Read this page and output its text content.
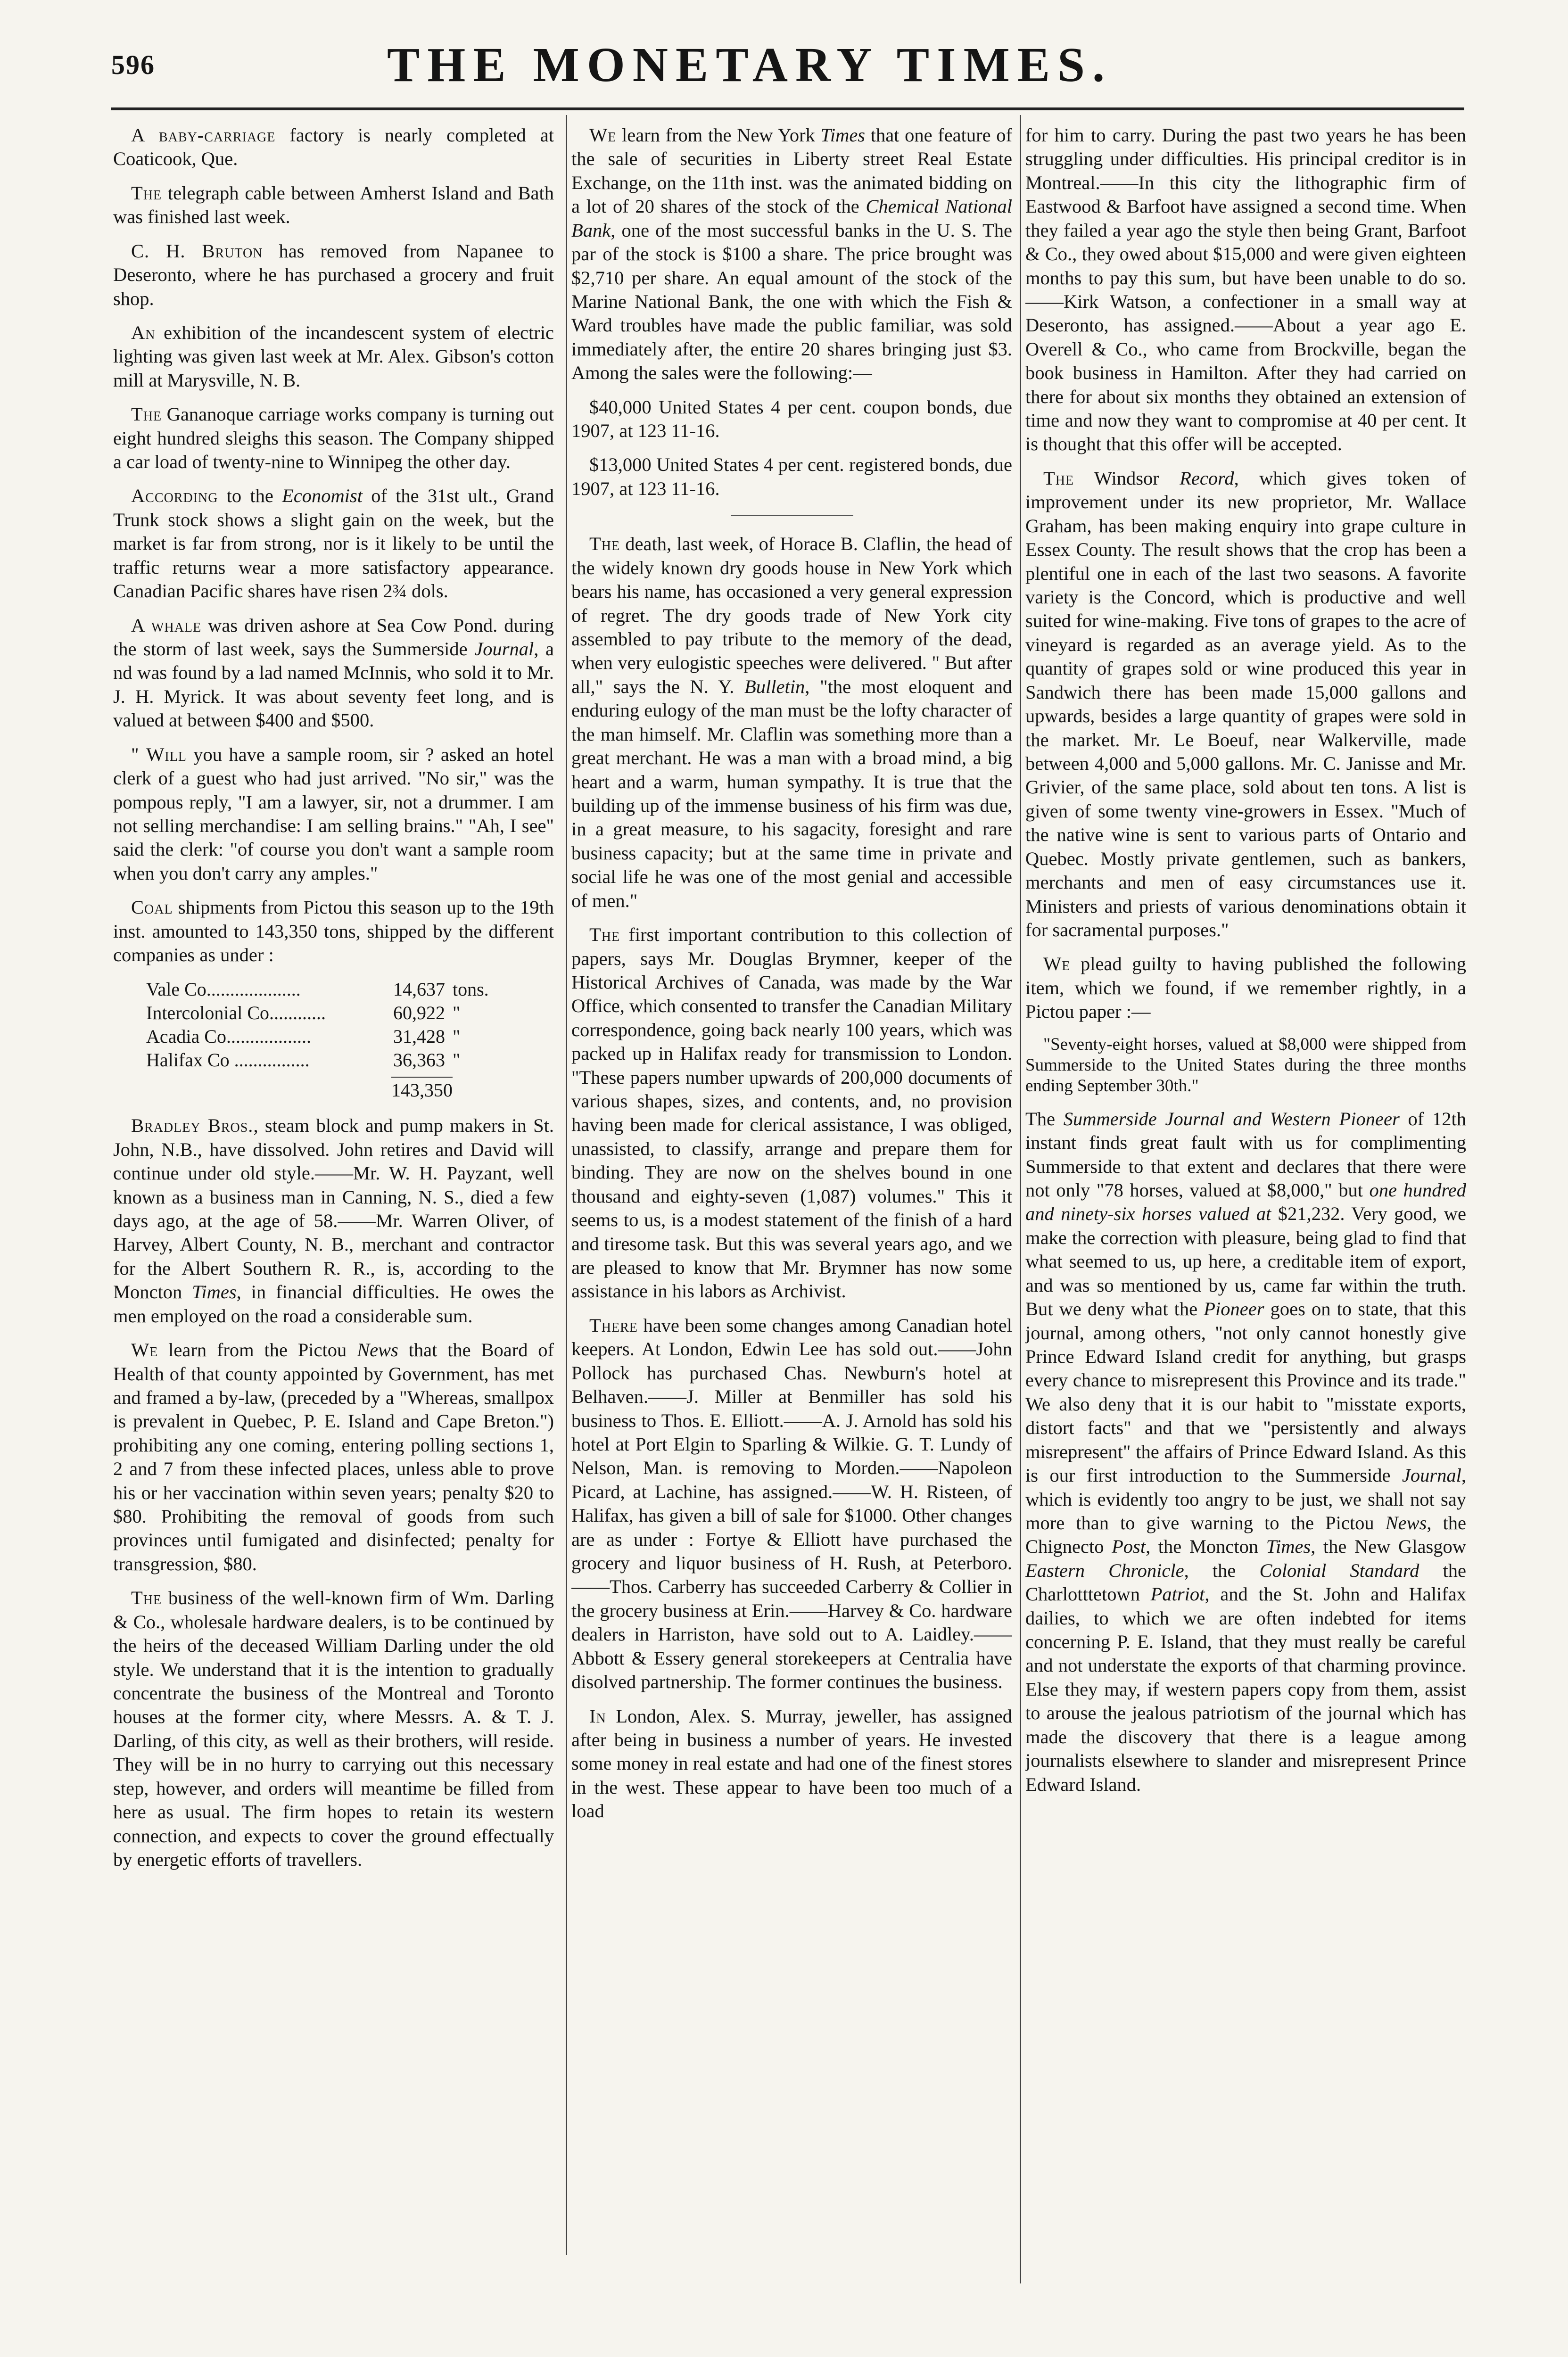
596	THE MONETARY TIMES.

A baby-carriage factory is nearly completed at Coaticook, Que.

The telegraph cable between Amherst Island and Bath was finished last week.

C. H. Bruton has removed from Napanee to Deseronto, where he has purchased a grocery and fruit shop.

An exhibition of the incandescent system of electric lighting was given last week at Mr. Alex. Gibson's cotton mill at Marysville, N. B.

The Gananoque carriage works company is turning out eight hundred sleighs this season. The Company shipped a car load of twenty-nine to Winnipeg the other day.

According to the Economist of the 31st ult., Grand Trunk stock shows a slight gain on the week, but the market is far from strong, nor is it likely to be until the traffic returns wear a more satisfactory appearance. Canadian Pacific shares have risen 2¾ dols.

A whale was driven ashore at Sea Cow Pond. during the storm of last week, says the Summerside Journal, a nd was found by a lad named McInnis, who sold it to Mr. J. H. Myrick. It was about seventy feet long, and is valued at between $400 and $500.

" Will you have a sample room, sir ? asked an hotel clerk of a guest who had just arrived. "No sir," was the pompous reply, "I am a lawyer, sir, not a drummer. I am not selling merchandise: I am selling brains." "Ah, I see" said the clerk: "of course you don't want a sample room when you don't carry any amples."

Coal shipments from Pictou this season up to the 19th inst. amounted to 143,350 tons, shipped by the different companies as under :

Vale Co....................	14,637 tons.
Intercolonial Co............	60,922 "
Acadia Co..................	31,428 "
Halifax Co ................	36,363 "
143,350

Bradley Bros., steam block and pump makers in St. John, N.B., have dissolved. John retires and David will continue under old style.——Mr. W. H. Payzant, well known as a business man in Canning, N. S., died a few days ago, at the age of 58.——Mr. Warren Oliver, of Harvey, Albert County, N. B., merchant and contractor for the Albert Southern R. R., is, according to the Moncton Times, in financial difficulties. He owes the men employed on the road a considerable sum.

We learn from the Pictou News that the Board of Health of that county appointed by Government, has met and framed a by-law, (preceded by a "Whereas, smallpox is prevalent in Quebec, P. E. Island and Cape Breton.") prohibiting any one coming, entering polling sections 1, 2 and 7 from these infected places, unless able to prove his or her vaccination within seven years; penalty $20 to $80. Prohibiting the removal of goods from such provinces until fumigated and disinfected; penalty for transgression, $80.

The business of the well-known firm of Wm. Darling & Co., wholesale hardware dealers, is to be continued by the heirs of the deceased William Darling under the old style. We understand that it is the intention to gradually concentrate the business of the Montreal and Toronto houses at the former city, where Messrs. A. & T. J. Darling, of this city, as well as their brothers, will reside. They will be in no hurry to carrying out this necessary step, however, and orders will meantime be filled from here as usual. The firm hopes to retain its western connection, and expects to cover the ground effectually by energetic efforts of travellers.

We learn from the New York Times that one feature of the sale of securities in Liberty street Real Estate Exchange, on the 11th inst. was the animated bidding on a lot of 20 shares of the stock of the Chemical National Bank, one of the most successful banks in the U. S. The par of the stock is $100 a share. The price brought was $2,710 per share. An equal amount of the stock of the Marine National Bank, the one with which the Fish & Ward troubles have made the public familiar, was sold immediately after, the entire 20 shares bringing just $3. Among the sales were the following:—

$40,000 United States 4 per cent. coupon bonds, due 1907, at 123 11-16.

$13,000 United States 4 per cent. registered bonds, due 1907, at 123 11-16.

The death, last week, of Horace B. Claflin, the head of the widely known dry goods house in New York which bears his name, has occasioned a very general expression of regret. The dry goods trade of New York city assembled to pay tribute to the memory of the dead, when very eulogistic speeches were delivered. " But after all," says the N. Y. Bulletin, "the most eloquent and enduring eulogy of the man must be the lofty character of the man himself. Mr. Claflin was something more than a great merchant. He was a man with a broad mind, a big heart and a warm, human sympathy. It is true that the building up of the immense business of his firm was due, in a great measure, to his sagacity, foresight and rare business capacity; but at the same time in private and social life he was one of the most genial and accessible of men."

The first important contribution to this collection of papers, says Mr. Douglas Brymner, keeper of the Historical Archives of Canada, was made by the War Office, which consented to transfer the Canadian Military correspondence, going back nearly 100 years, which was packed up in Halifax ready for transmission to London. "These papers number upwards of 200,000 documents of various shapes, sizes, and contents, and, no provision having been made for clerical assistance, I was obliged, unassisted, to classify, arrange and prepare them for binding. They are now on the shelves bound in one thousand and eighty-seven (1,087) volumes." This it seems to us, is a modest statement of the finish of a hard and tiresome task. But this was several years ago, and we are pleased to know that Mr. Brymner has now some assistance in his labors as Archivist.

There have been some changes among Canadian hotel keepers. At London, Edwin Lee has sold out.——John Pollock has purchased Chas. Newburn's hotel at Belhaven.——J. Miller at Benmiller has sold his business to Thos. E. Elliott.——A. J. Arnold has sold his hotel at Port Elgin to Sparling & Wilkie. G. T. Lundy of Nelson, Man. is removing to Morden.——Napoleon Picard, at Lachine, has assigned.——W. H. Risteen, of Halifax, has given a bill of sale for $1000. Other changes are as under : Fortye & Elliott have purchased the grocery and liquor business of H. Rush, at Peterboro.——Thos. Carberry has succeeded Carberry & Collier in the grocery business at Erin.——Harvey & Co. hardware dealers in Harriston, have sold out to A. Laidley.——Abbott & Essery general storekeepers at Centralia have disolved partnership. The former continues the business.

In London, Alex. S. Murray, jeweller, has assigned after being in business a number of years. He invested some money in real estate and had one of the finest stores in the west. These appear to have been too much of a load

for him to carry. During the past two years he has been struggling under difficulties. His principal creditor is in Montreal.——In this city the lithographic firm of Eastwood & Barfoot have assigned a second time. When they failed a year ago the style then being Grant, Barfoot & Co., they owed about $15,000 and were given eighteen months to pay this sum, but have been unable to do so.——Kirk Watson, a confectioner in a small way at Deseronto, has assigned.——About a year ago E. Overell & Co., who came from Brockville, began the book business in Hamilton. After they had carried on there for about six months they obtained an extension of time and now they want to compromise at 40 per cent. It is thought that this offer will be accepted.

The Windsor Record, which gives token of improvement under its new proprietor, Mr. Wallace Graham, has been making enquiry into grape culture in Essex County. The result shows that the crop has been a plentiful one in each of the last two seasons. A favorite variety is the Concord, which is productive and well suited for wine-making. Five tons of grapes to the acre of vineyard is regarded as an average yield. As to the quantity of grapes sold or wine produced this year in Sandwich there has been made 15,000 gallons and upwards, besides a large quantity of grapes were sold in the market. Mr. Le Boeuf, near Walkerville, made between 4,000 and 5,000 gallons. Mr. C. Janisse and Mr. Grivier, of the same place, sold about ten tons. A list is given of some twenty vine-growers in Essex. "Much of the native wine is sent to various parts of Ontario and Quebec. Mostly private gentlemen, such as bankers, merchants and men of easy circumstances use it. Ministers and priests of various denominations obtain it for sacramental purposes."

We plead guilty to having published the following item, which we found, if we remember rightly, in a Pictou paper :—

"Seventy-eight horses, valued at $8,000 were shipped from Summerside to the United States during the three months ending September 30th."

The Summerside Journal and Western Pioneer of 12th instant finds great fault with us for complimenting Summerside to that extent and declares that there were not only "78 horses, valued at $8,000," but one hundred and ninety-six horses valued at $21,232. Very good, we make the correction with pleasure, being glad to find that what seemed to us, up here, a creditable item of export, and was so mentioned by us, came far within the truth. But we deny what the Pioneer goes on to state, that this journal, among others, "not only cannot honestly give Prince Edward Island credit for anything, but grasps every chance to misrepresent this Province and its trade." We also deny that it is our habit to "misstate exports, distort facts" and that we "persistently and always misrepresent" the affairs of Prince Edward Island. As this is our first introduction to the Summerside Journal, which is evidently too angry to be just, we shall not say more than to give warning to the Pictou News, the Chignecto Post, the Moncton Times, the New Glasgow Eastern Chronicle, the Colonial Standard the Charlotttetown Patriot, and the St. John and Halifax dailies, to which we are often indebted for items concerning P. E. Island, that they must really be careful and not understate the exports of that charming province. Else they may, if western papers copy from them, assist to arouse the jealous patriotism of the journal which has made the discovery that there is a league among journalists elsewhere to slander and misrepresent Prince Edward Island.
